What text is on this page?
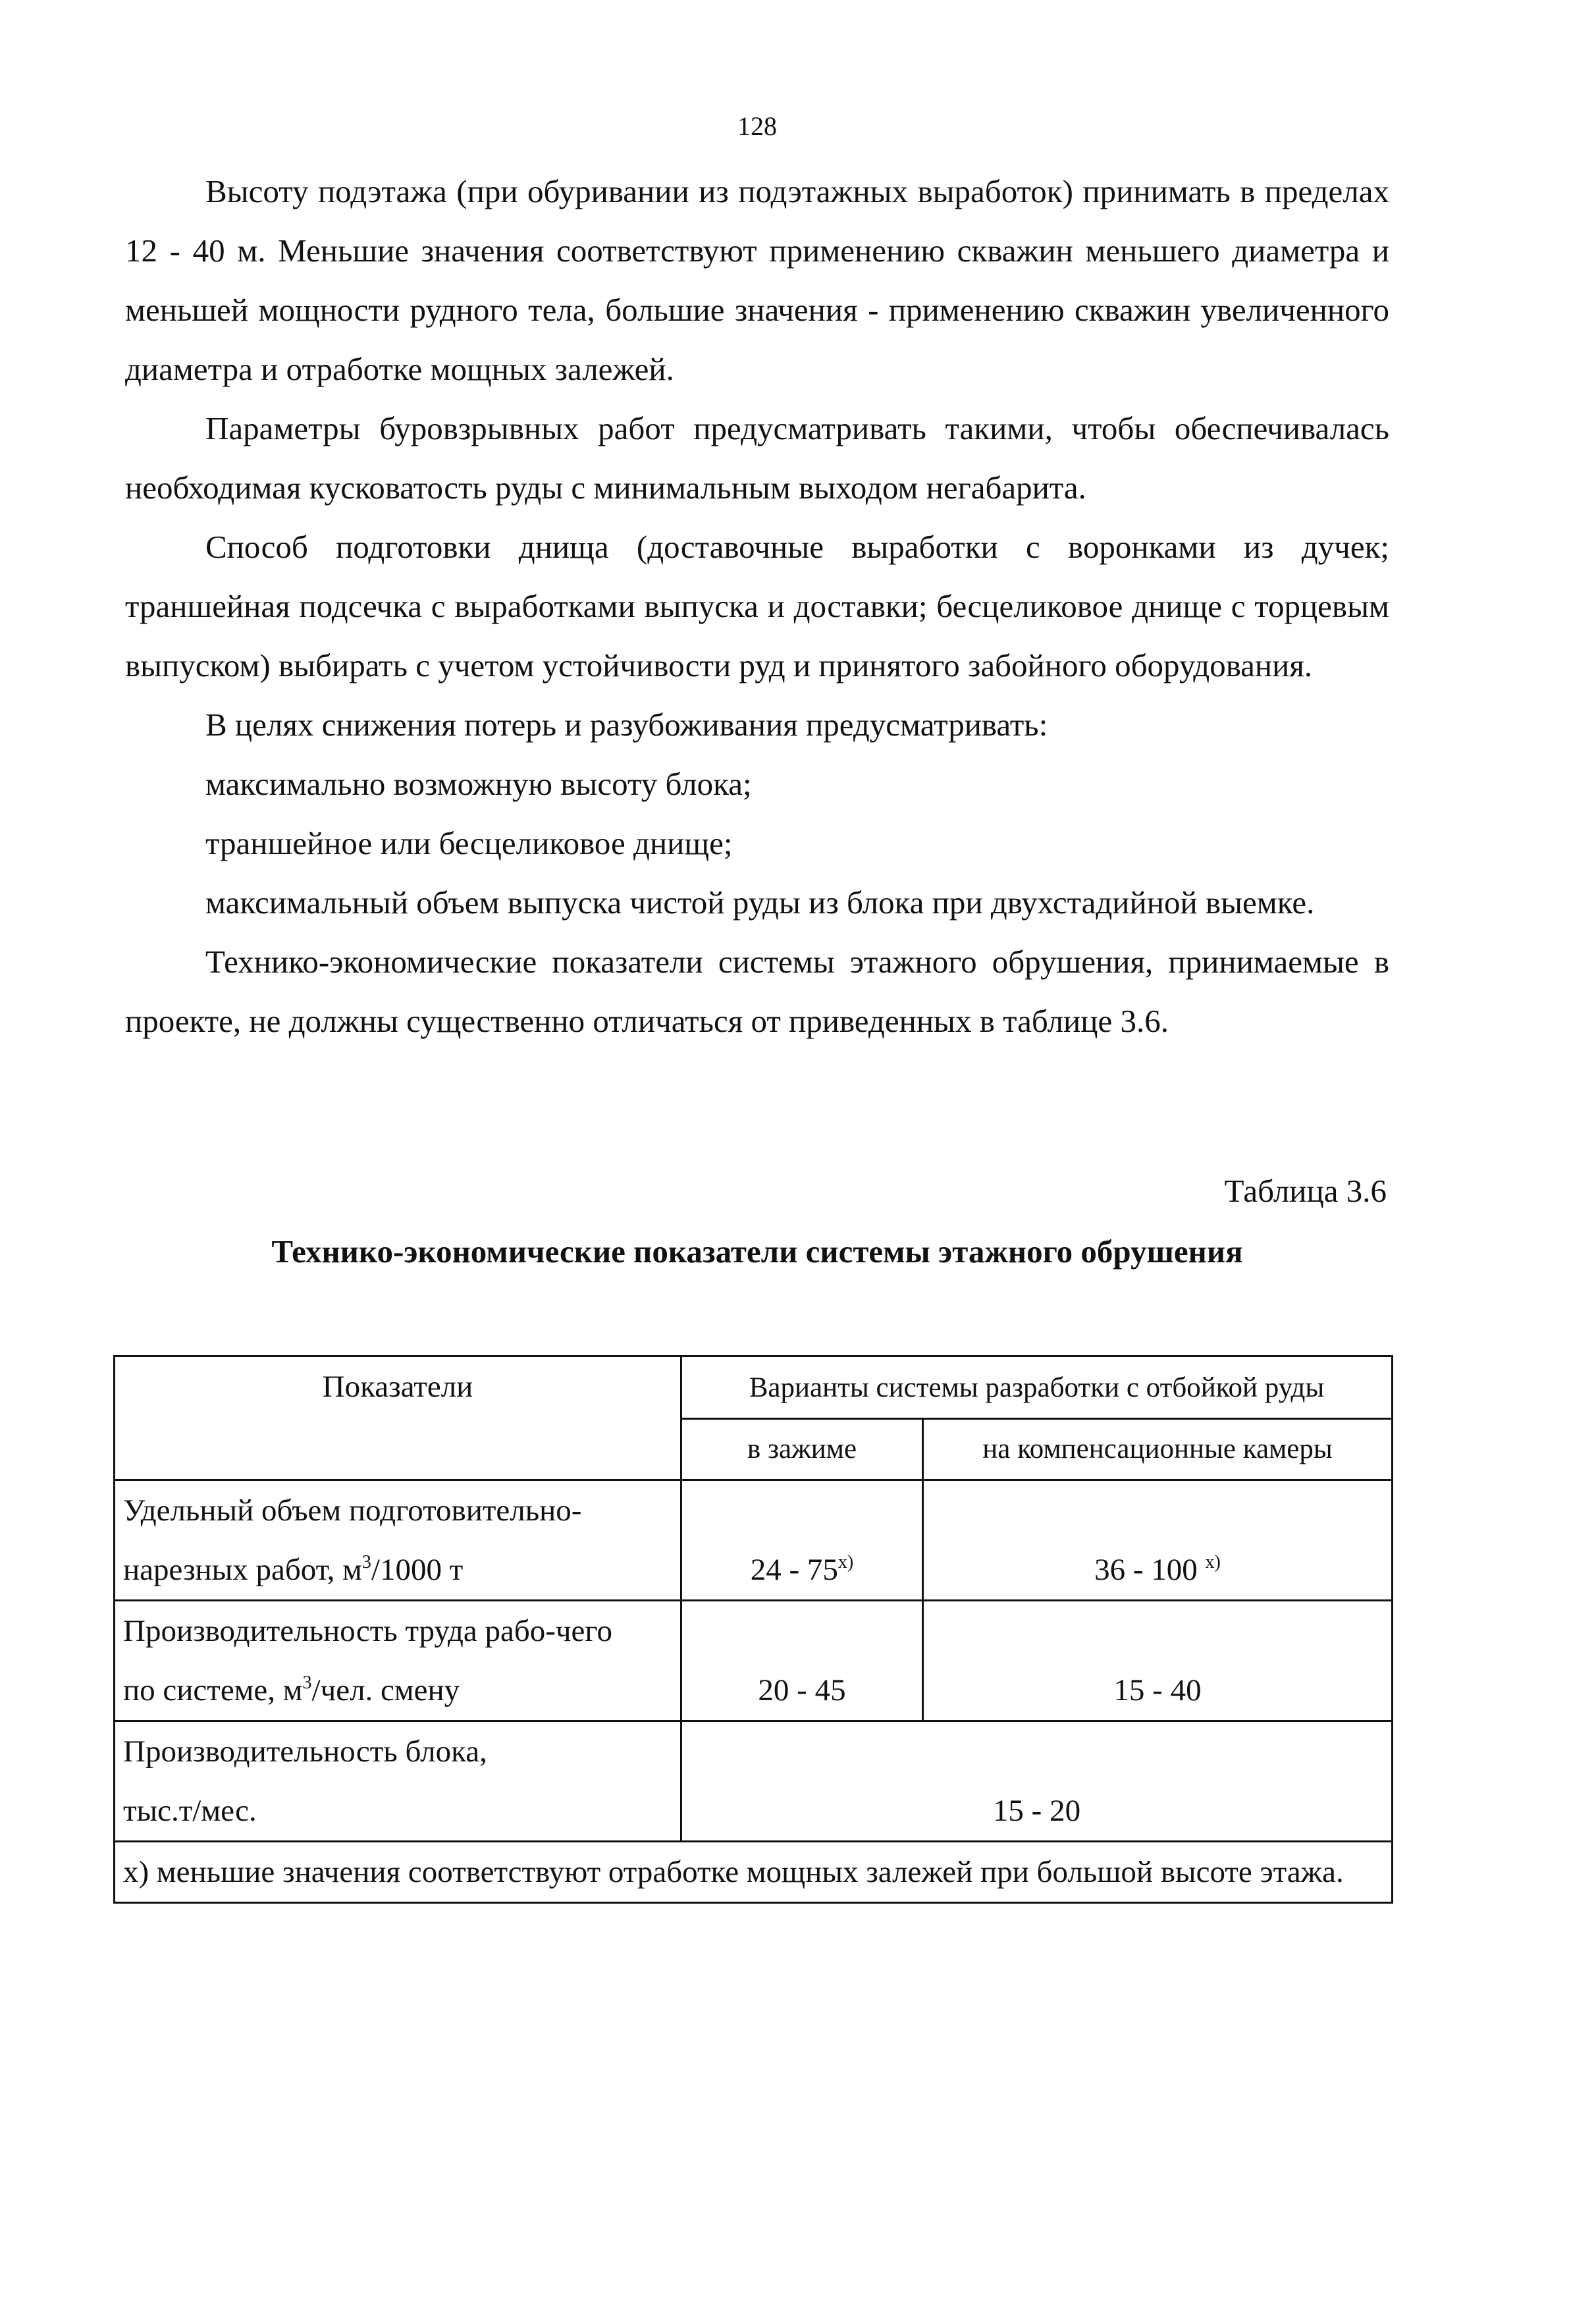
128

Высоту подэтажа (при обуривании из подэтажных выработок) принимать в пределах 12 - 40 м. Меньшие значения соответствуют применению скважин меньшего диаметра и меньшей мощности рудного тела, большие значения - применению скважин увеличенного диаметра и отработке мощных залежей.

Параметры буровзрывных работ предусматривать такими, чтобы обеспечивалась необходимая кусковатость руды с минимальным выходом негабарита.

Способ подготовки днища (доставочные выработки с воронками из дучек; траншейная подсечка с выработками выпуска и доставки; бесцеликовое днище с торцевым выпуском) выбирать с учетом устойчивости руд и принятого забойного оборудования.

В целях снижения потерь и разубоживания предусматривать:

максимально возможную высоту блока;

траншейное или бесцеликовое днище;

максимальный объем выпуска чистой руды из блока при двухстадийной выемке.

Технико-экономические показатели системы этажного обрушения, принимаемые в проекте, не должны существенно отличаться от приведенных в таблице 3.6.

Таблица 3.6
Технико-экономические показатели системы этажного обрушения
Показатели	Варианты системы разработки с отбойкой руды	
	в зажиме	на компенсационные камеры
Удельный объем подготовительно-
нарезных работ, $м^3/1000$ т	24 - 75$^{x)}$	36 - 100 $^{x)}$
Производительность труда рабо-чего
по системе, $м^3$/чел. смену	20 - 45	15 - 40
Производительность блока,
тыс.т/мес.	15 - 20	
х) меньшие значения соответствуют отработке мощных залежей при большой высоте этажа.		
